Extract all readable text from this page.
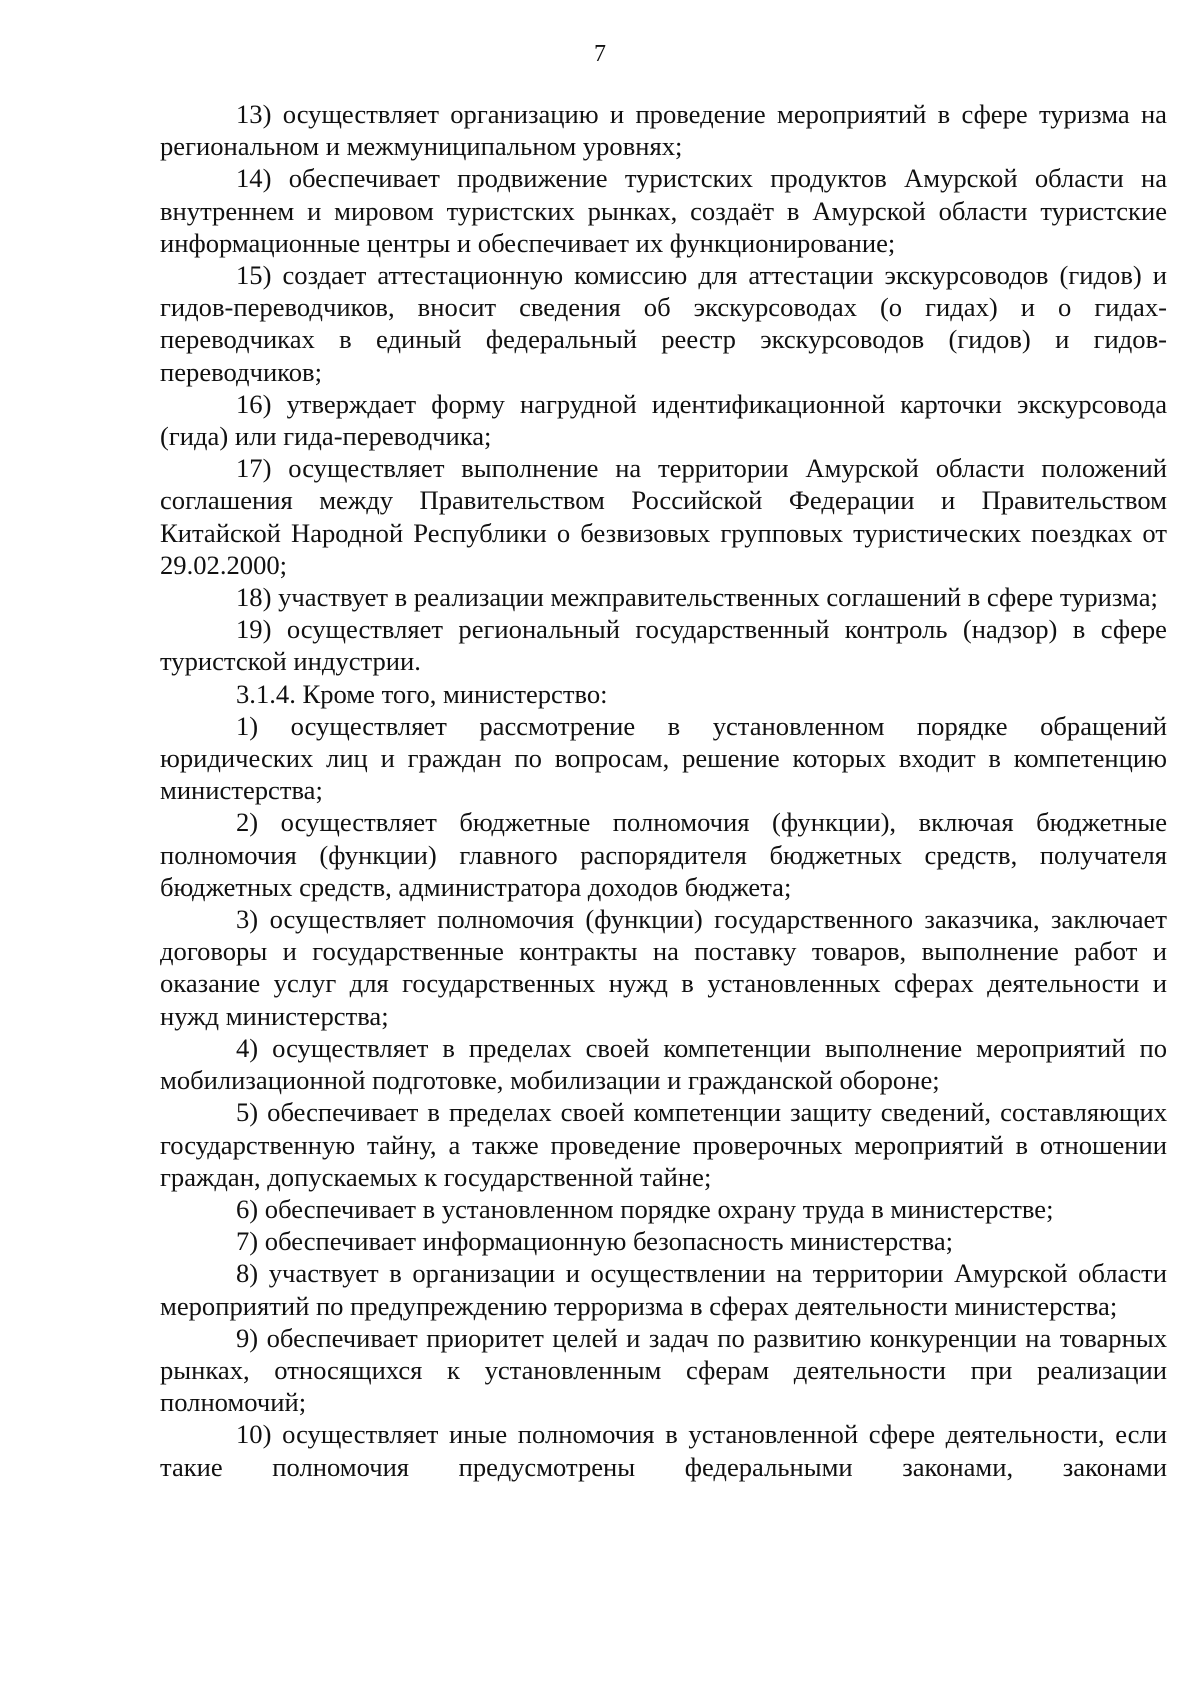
7

13) осуществляет организацию и проведение мероприятий в сфере туризма на региональном и межмуниципальном уровнях;

14) обеспечивает продвижение туристских продуктов Амурской области на внутреннем и мировом туристских рынках, создаёт в Амурской области туристские информационные центры и обеспечивает их функционирование;

15) создает аттестационную комиссию для аттестации экскурсоводов (гидов) и гидов-переводчиков, вносит сведения об экскурсоводах (о гидах) и о гидах-переводчиках в единый федеральный реестр экскурсоводов (гидов) и гидов-переводчиков;

16) утверждает форму нагрудной идентификационной карточки экскурсовода (гида) или гида-переводчика;

17) осуществляет выполнение на территории Амурской области положений соглашения между Правительством Российской Федерации и Правительством Китайской Народной Республики о безвизовых групповых туристических поездках от 29.02.2000;

18) участвует в реализации межправительственных соглашений в сфере туризма;

19) осуществляет региональный государственный контроль (надзор) в сфере туристской индустрии.

3.1.4. Кроме того, министерство:

1) осуществляет рассмотрение в установленном порядке обращений юридических лиц и граждан по вопросам, решение которых входит в компетенцию министерства;

2) осуществляет бюджетные полномочия (функции), включая бюджетные полномочия (функции) главного распорядителя бюджетных средств, получателя бюджетных средств, администратора доходов бюджета;

3) осуществляет полномочия (функции) государственного заказчика, заключает договоры и государственные контракты на поставку товаров, выполнение работ и оказание услуг для государственных нужд в установленных сферах деятельности и нужд министерства;

4) осуществляет в пределах своей компетенции выполнение мероприятий по мобилизационной подготовке, мобилизации и гражданской обороне;

5) обеспечивает в пределах своей компетенции защиту сведений, составляющих государственную тайну, а также проведение проверочных мероприятий в отношении граждан, допускаемых к государственной тайне;

6) обеспечивает в установленном порядке охрану труда в министерстве;

7) обеспечивает информационную безопасность министерства;

8) участвует в организации и осуществлении на территории Амурской области мероприятий по предупреждению терроризма в сферах деятельности министерства;

9) обеспечивает приоритет целей и задач по развитию конкуренции на товарных рынках, относящихся к установленным сферам деятельности при реализации полномочий;

10) осуществляет иные полномочия в установленной сфере деятельности, если такие полномочия предусмотрены федеральными законами, законами
